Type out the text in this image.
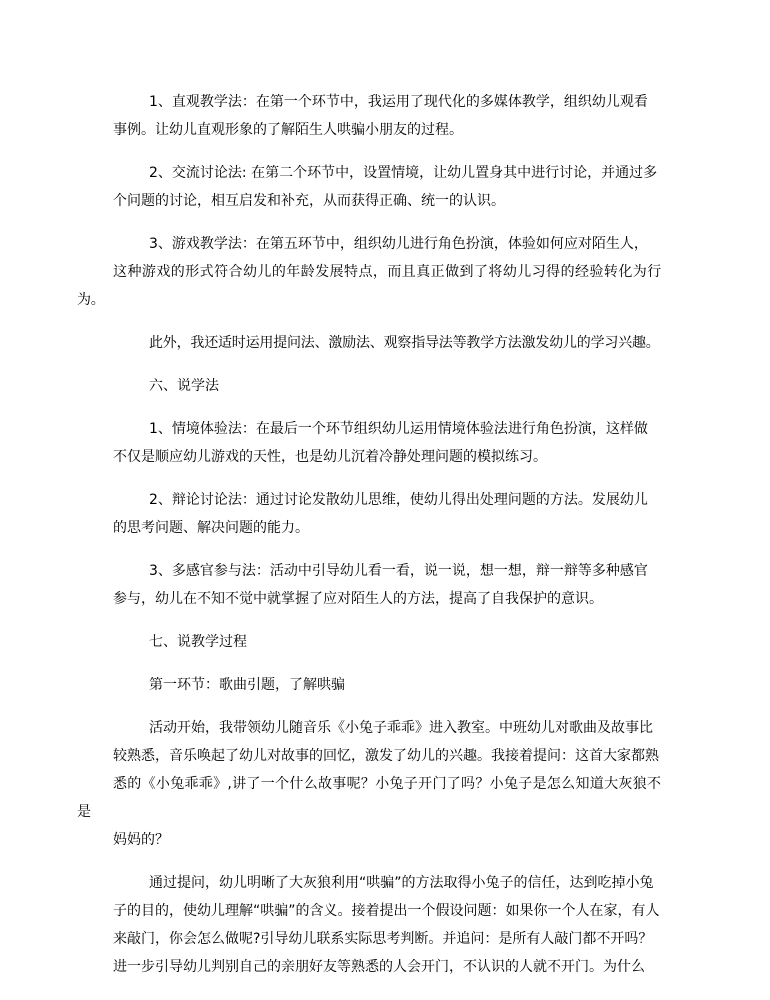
1、直观教学法：在第一个环节中，我运用了现代化的多媒体教学，组织幼儿观看
事例。让幼儿直观形象的了解陌生人哄骗小朋友的过程。

2、交流讨论法: 在第二个环节中，设置情境，让幼儿置身其中进行讨论，并通过多
个问题的讨论，相互启发和补充，从而获得正确、统一的认识。

3、游戏教学法：在第五环节中，组织幼儿进行角色扮演，体验如何应对陌生人，
这种游戏的形式符合幼儿的年龄发展特点，而且真正做到了将幼儿习得的经验转化为行为。

此外，我还适时运用提问法、激励法、观察指导法等教学方法激发幼儿的学习兴趣。

六、说学法

1、情境体验法：在最后一个环节组织幼儿运用情境体验法进行角色扮演，这样做
不仅是顺应幼儿游戏的天性，也是幼儿沉着冷静处理问题的模拟练习。

2、辩论讨论法：通过讨论发散幼儿思维，使幼儿得出处理问题的方法。发展幼儿
的思考问题、解决问题的能力。

3、多感官参与法：活动中引导幼儿看一看，说一说，想一想，辩一辩等多种感官
参与，幼儿在不知不觉中就掌握了应对陌生人的方法，提高了自我保护的意识。

七、说教学过程

第一环节：歌曲引题，了解哄骗

活动开始，我带领幼儿随音乐《小兔子乖乖》进入教室。中班幼儿对歌曲及故事比
较熟悉，音乐唤起了幼儿对故事的回忆，激发了幼儿的兴趣。我接着提问：这首大家都熟
悉的《小兔乖乖》,讲了一个什么故事呢？小兔子开门了吗？小兔子是怎么知道大灰狼不是
妈妈的？

通过提问，幼儿明晰了大灰狼利用“哄骗”的方法取得小兔子的信任，达到吃掉小兔
子的目的，使幼儿理解“哄骗”的含义。接着提出一个假设问题：如果你一个人在家，有人
来敲门，你会怎么做呢?引导幼儿联系实际思考判断。并追问：是所有人敲门都不开吗？
进一步引导幼儿判别自己的亲朋好友等熟悉的人会开门，不认识的人就不开门。为什么
